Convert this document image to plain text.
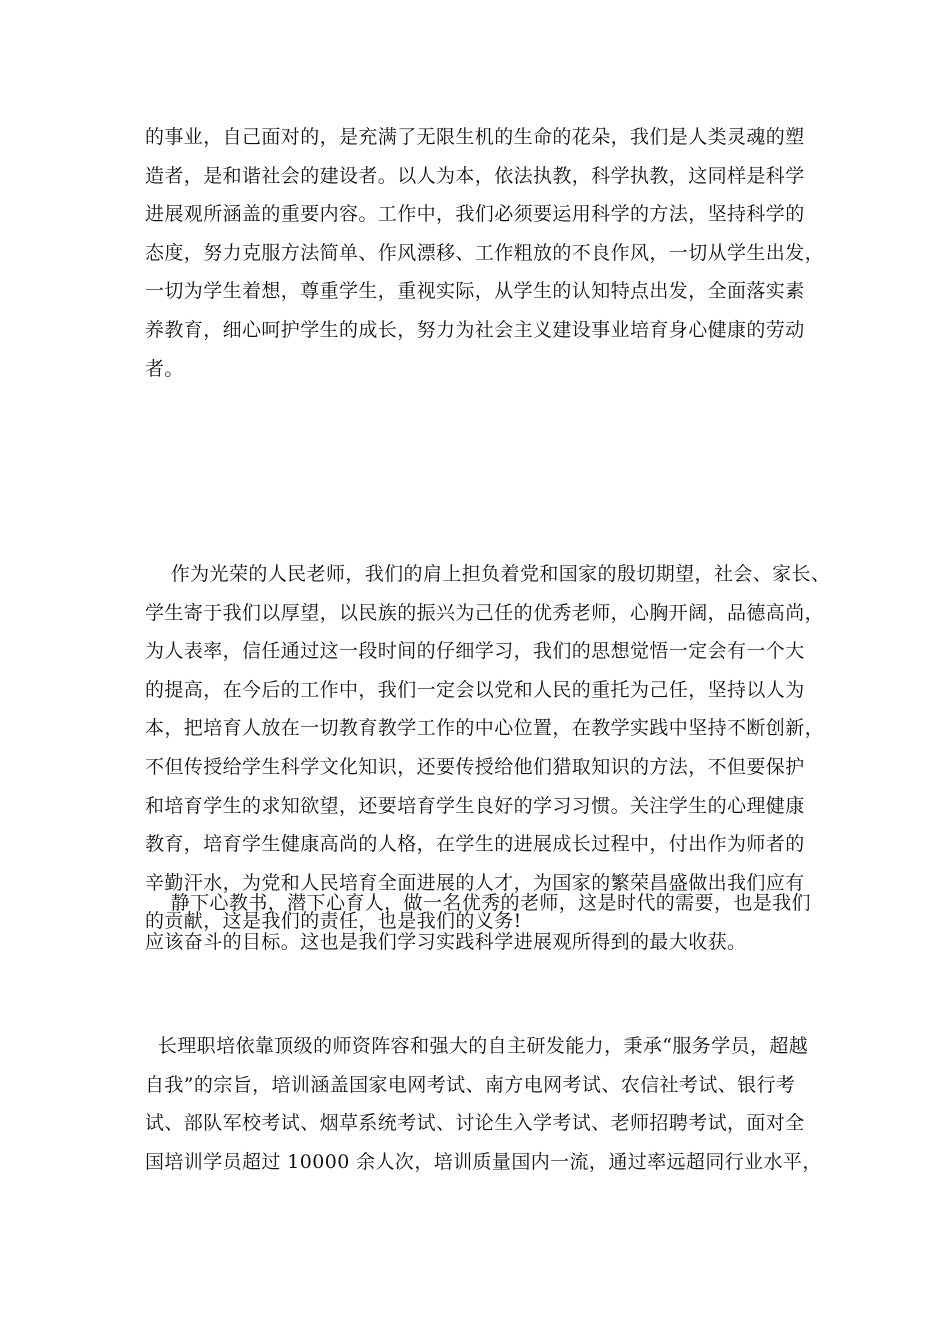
的事业，自己面对的，是充满了无限生机的生命的花朵，我们是人类灵魂的塑
造者，是和谐社会的建设者。以人为本，依法执教，科学执教，这同样是科学
进展观所涵盖的重要内容。工作中，我们必须要运用科学的方法，坚持科学的
态度，努力克服方法简单、作风漂移、工作粗放的不良作风，一切从学生出发，
一切为学生着想，尊重学生，重视实际，从学生的认知特点出发，全面落实素
养教育，细心呵护学生的成长，努力为社会主义建设事业培育身心健康的劳动
者。
作为光荣的人民老师，我们的肩上担负着党和国家的殷切期望，社会、家长、
学生寄于我们以厚望，以民族的振兴为己任的优秀老师，心胸开阔，品德高尚，
为人表率，信任通过这一段时间的仔细学习，我们的思想觉悟一定会有一个大
的提高，在今后的工作中，我们一定会以党和人民的重托为己任，坚持以人为
本，把培育人放在一切教育教学工作的中心位置，在教学实践中坚持不断创新，
不但传授给学生科学文化知识，还要传授给他们猎取知识的方法，不但要保护
和培育学生的求知欲望，还要培育学生良好的学习习惯。关注学生的心理健康
教育，培育学生健康高尚的人格，在学生的进展成长过程中，付出作为师者的
辛勤汗水，为党和人民培育全面进展的人才，为国家的繁荣昌盛做出我们应有
的贡献，这是我们的责任，也是我们的义务!
静下心教书，潜下心育人，做一名优秀的老师，这是时代的需要，也是我们
应该奋斗的目标。这也是我们学习实践科学进展观所得到的最大收获。
长理职培依靠顶级的师资阵容和强大的自主研发能力，秉承“服务学员，超越
自我”的宗旨，培训涵盖国家电网考试、南方电网考试、农信社考试、银行考
试、部队军校考试、烟草系统考试、讨论生入学考试、老师招聘考试，面对全
国培训学员超过 10000 余人次，培训质量国内一流，通过率远超同行业水平，
